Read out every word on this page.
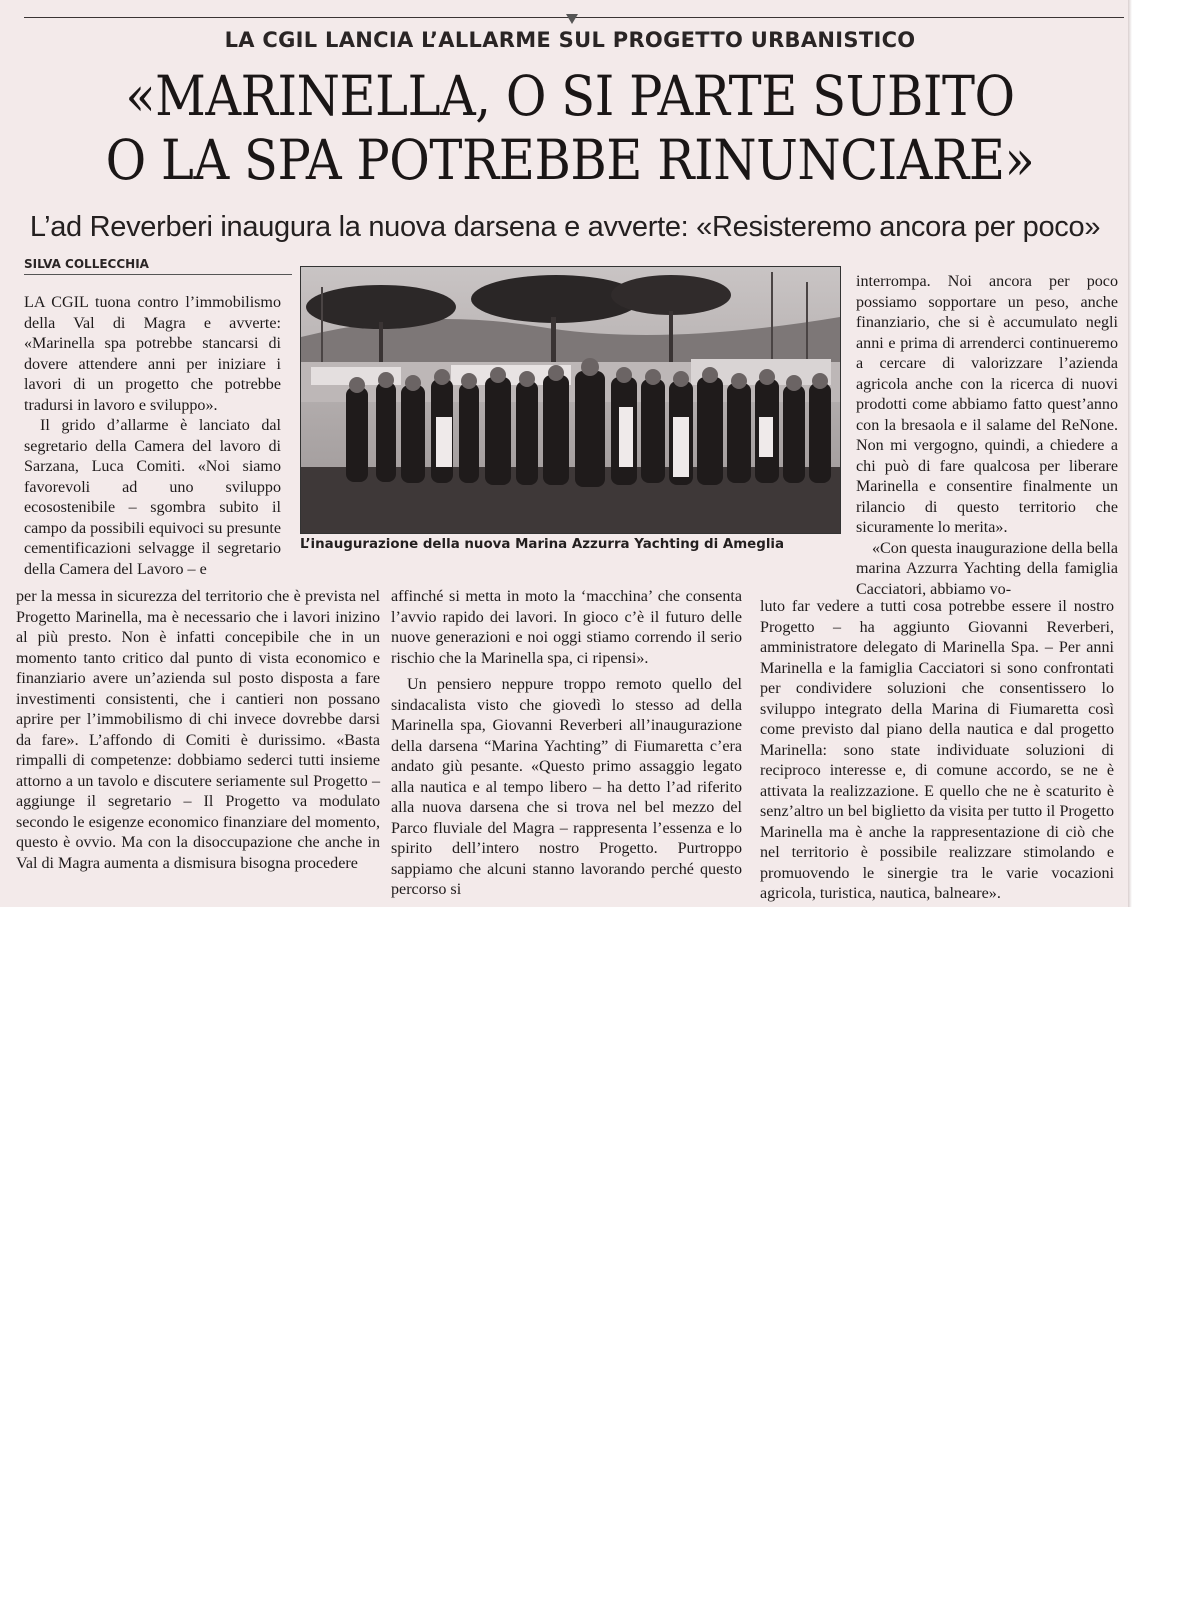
LA CGIL LANCIA L’ALLARME SUL PROGETTO URBANISTICO
«MARINELLA, O SI PARTE SUBITO
O LA SPA POTREBBE RINUNCIARE»
L’ad Reverberi inaugura la nuova darsena e avverte: «Resisteremo ancora per poco»
SILVA COLLECCHIA

LA CGIL tuona contro l’immobilismo della Val di Magra e avverte: «Marinella spa potrebbe stancarsi di dovere attendere anni per iniziare i lavori di un progetto che potrebbe tradursi in lavoro e sviluppo».

Il grido d’allarme è lanciato dal segretario della Camera del lavoro di Sarzana, Luca Comiti. «Noi siamo favorevoli ad uno sviluppo ecosostenibile – sgombra subito il campo da possibili equivoci su presunte cementificazioni selvagge il segretario della Camera del Lavoro – e

per la messa in sicurezza del territorio che è prevista nel Progetto Marinella, ma è necessario che i lavori inizino al più presto. Non è infatti concepibile che in un momento tanto critico dal punto di vista economico e finanziario avere un’azienda sul posto disposta a fare investimenti consistenti, che i cantieri non possano aprire per l’immobilismo di chi invece dovrebbe darsi da fare». L’affondo di Comiti è durissimo. «Basta rimpalli di competenze: dobbiamo sederci tutti insieme attorno a un tavolo e discutere seriamente sul Progetto – aggiunge il segretario – Il Progetto va modulato secondo le esigenze economico finanziare del momento, questo è ovvio. Ma con la disoccupazione che anche in Val di Magra aumenta a dismisura bisogna procedere

L’inaugurazione della nuova Marina Azzurra Yachting di Ameglia

affinché si metta in moto la ‘macchina’ che consenta l’avvio rapido dei lavori. In gioco c’è il futuro delle nuove generazioni e noi oggi stiamo correndo il serio rischio che la Marinella spa, ci ripensi».

Un pensiero neppure troppo remoto quello del sindacalista visto che giovedì lo stesso ad della Marinella spa, Giovanni Reverberi all’inaugurazione della darsena “Marina Yachting” di Fiumaretta c’era andato giù pesante. «Questo primo assaggio legato alla nautica e al tempo libero – ha detto l’ad riferito alla nuova darsena che si trova nel bel mezzo del Parco fluviale del Magra – rappresenta l’essenza e lo spirito dell’intero nostro Progetto. Purtroppo sappiamo che alcuni stanno lavorando perché questo percorso si

interrompa. Noi ancora per poco possiamo sopportare un peso, anche finanziario, che si è accumulato negli anni e prima di arrenderci continueremo a cercare di valorizzare l’azienda agricola anche con la ricerca di nuovi prodotti come abbiamo fatto quest’anno con la bresaola e il salame del ReNone. Non mi vergogno, quindi, a chiedere a chi può di fare qualcosa per liberare Marinella e consentire finalmente un rilancio di questo territorio che sicuramente lo merita».

«Con questa inaugurazione della bella marina Azzurra Yachting della famiglia Cacciatori, abbiamo vo-

luto far vedere a tutti cosa potrebbe essere il nostro Progetto – ha aggiunto Giovanni Reverberi, amministratore delegato di Marinella Spa. – Per anni Marinella e la famiglia Cacciatori si sono confrontati per condividere soluzioni che consentissero lo sviluppo integrato della Marina di Fiumaretta così come previsto dal piano della nautica e dal progetto Marinella: sono state individuate soluzioni di reciproco interesse e, di comune accordo, se ne è attivata la realizzazione. E quello che ne è scaturito è senz’altro un bel biglietto da visita per tutto il Progetto Marinella ma è anche la rappresentazione di ciò che nel territorio è possibile realizzare stimolando e promuovendo le sinergie tra le varie vocazioni agricola, turistica, nautica, balneare».
